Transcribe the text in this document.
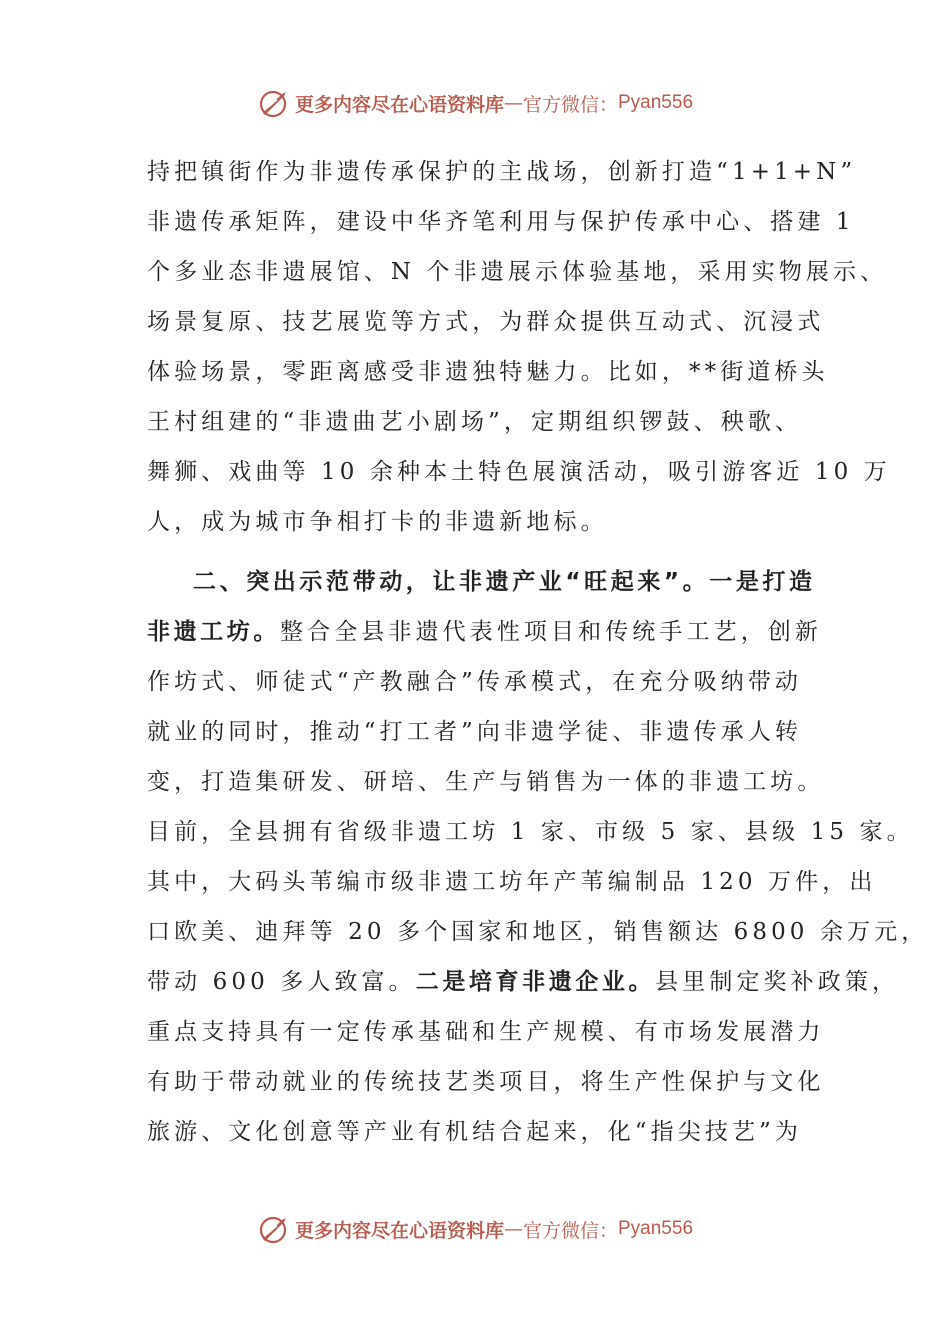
更多内容尽在心语资料库 — 官方微信： Pyan556
持把镇街作为非遗传承保护的主战场，创新打造“1+1+N”
非遗传承矩阵，建设中华齐笔利用与保护传承中心、搭建 1
个多业态非遗展馆、N 个非遗展示体验基地，采用实物展示、
场景复原、技艺展览等方式，为群众提供互动式、沉浸式
体验场景，零距离感受非遗独特魅力。比如，**街道桥头
王村组建的“非遗曲艺小剧场”，定期组织锣鼓、秧歌、
舞狮、戏曲等 10 余种本土特色展演活动，吸引游客近 10 万
人，成为城市争相打卡的非遗新地标。
二、突出示范带动，让非遗产业“旺起来”。一是打造
非遗工坊。整合全县非遗代表性项目和传统手工艺，创新
作坊式、师徒式“产教融合”传承模式，在充分吸纳带动
就业的同时，推动“打工者”向非遗学徒、非遗传承人转
变，打造集研发、研培、生产与销售为一体的非遗工坊。
目前，全县拥有省级非遗工坊 1 家、市级 5 家、县级 15 家。
其中，大码头苇编市级非遗工坊年产苇编制品 120 万件，出
口欧美、迪拜等 20 多个国家和地区，销售额达 6800 余万元，
带动 600 多人致富。二是培育非遗企业。县里制定奖补政策，
重点支持具有一定传承基础和生产规模、有市场发展潜力
有助于带动就业的传统技艺类项目，将生产性保护与文化
旅游、文化创意等产业有机结合起来，化“指尖技艺”为
更多内容尽在心语资料库 — 官方微信： Pyan556
